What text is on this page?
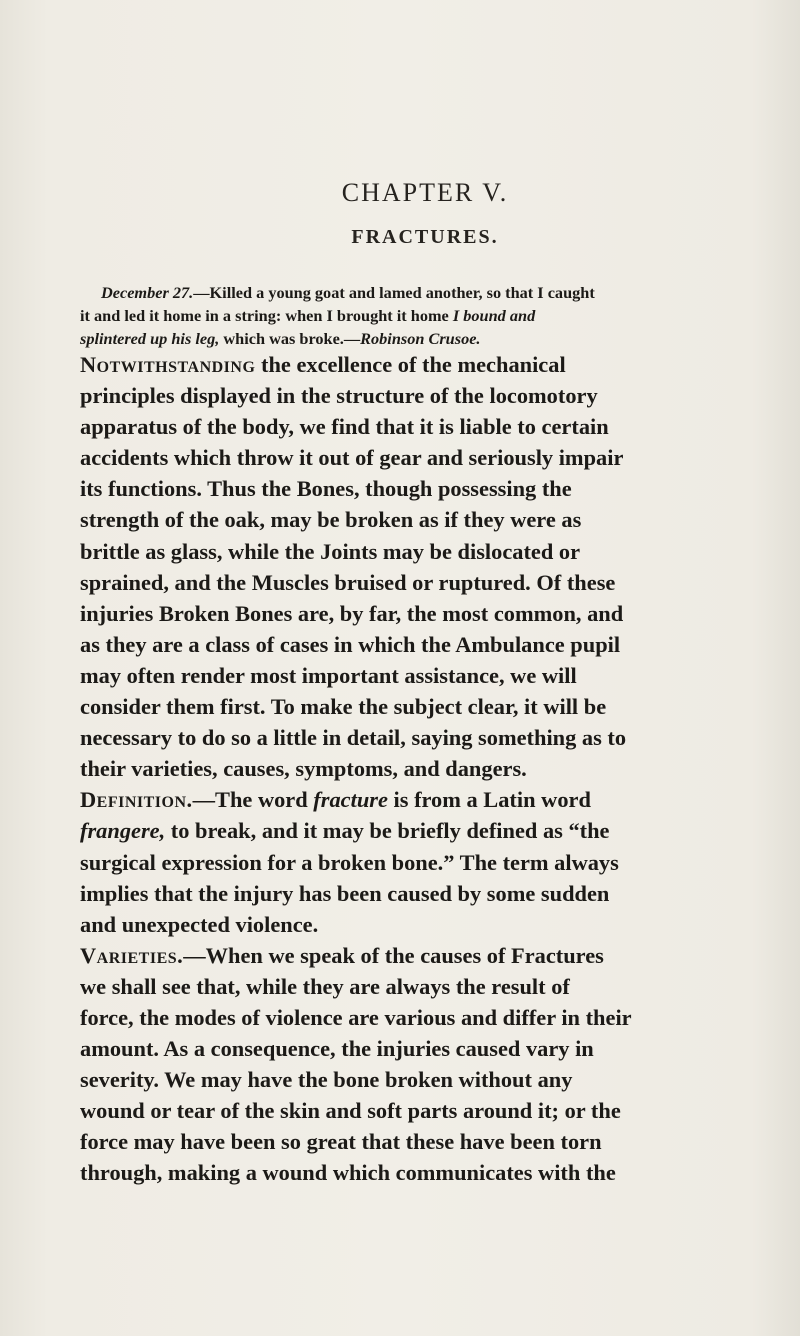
CHAPTER V.
FRACTURES.
December 27.—Killed a young goat and lamed another, so that I caught
it and led it home in a string: when I brought it home I bound and
splintered up his leg, which was broke.—Robinson Crusoe.
Notwithstanding the excellence of the mechanical
principles displayed in the structure of the locomotory
apparatus of the body, we find that it is liable to certain
accidents which throw it out of gear and seriously impair
its functions. Thus the Bones, though possessing the
strength of the oak, may be broken as if they were as
brittle as glass, while the Joints may be dislocated or
sprained, and the Muscles bruised or ruptured. Of these
injuries Broken Bones are, by far, the most common, and
as they are a class of cases in which the Ambulance pupil
may often render most important assistance, we will
consider them first. To make the subject clear, it will be
necessary to do so a little in detail, saying something as to
their varieties, causes, symptoms, and dangers.
Definition.—The word fracture is from a Latin word
frangere, to break, and it may be briefly defined as “the
surgical expression for a broken bone.” The term always
implies that the injury has been caused by some sudden
and unexpected violence.
Varieties.—When we speak of the causes of Fractures
we shall see that, while they are always the result of
force, the modes of violence are various and differ in their
amount. As a consequence, the injuries caused vary in
severity. We may have the bone broken without any
wound or tear of the skin and soft parts around it; or the
force may have been so great that these have been torn
through, making a wound which communicates with the
